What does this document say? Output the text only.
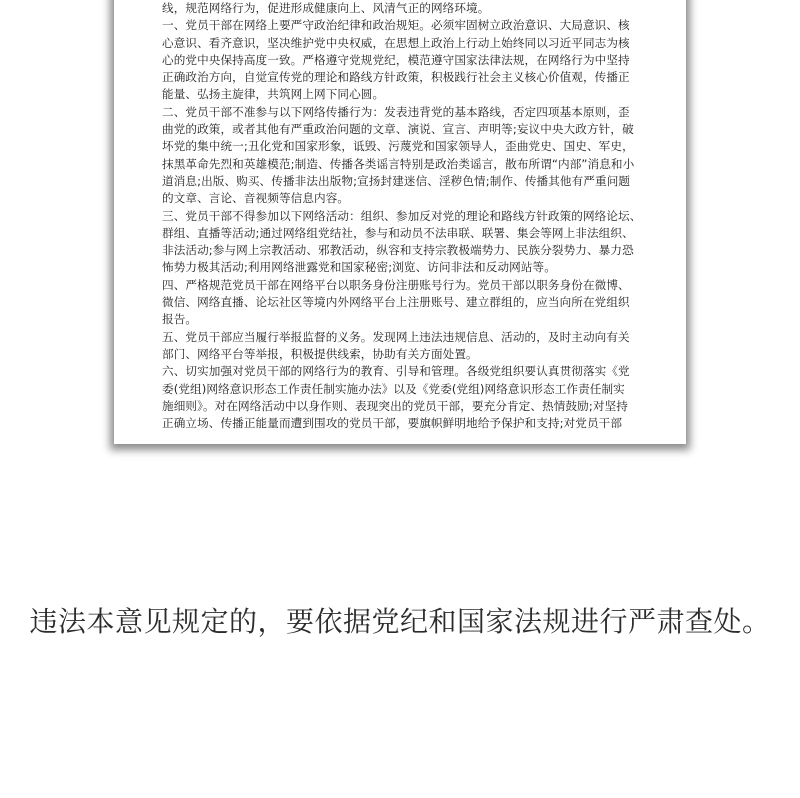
线，规范网络行为，促进形成健康向上、风清气正的网络环境。
一、党员干部在网络上要严守政治纪律和政治规矩。必须牢固树立政治意识、大局意识、核
心意识、看齐意识，坚决维护党中央权威，在思想上政治上行动上始终同以习近平同志为核
心的党中央保持高度一致。严格遵守党规党纪，模范遵守国家法律法规，在网络行为中坚持
正确政治方向，自觉宣传党的理论和路线方针政策，积极践行社会主义核心价值观，传播正
能量、弘扬主旋律，共筑网上网下同心圆。
二、党员干部不准参与以下网络传播行为：发表违背党的基本路线，否定四项基本原则，歪
曲党的政策，或者其他有严重政治问题的文章、演说、宣言、声明等;妄议中央大政方针，破
坏党的集中统一;丑化党和国家形象，诋毁、污蔑党和国家领导人，歪曲党史、国史、军史，
抹黑革命先烈和英雄模范;制造、传播各类谣言特别是政治类谣言，散布所谓“内部”消息和小
道消息;出版、购买、传播非法出版物;宣扬封建迷信、淫秽色情;制作、传播其他有严重问题
的文章、言论、音视频等信息内容。
三、党员干部不得参加以下网络活动：组织、参加反对党的理论和路线方针政策的网络论坛、
群组、直播等活动;通过网络组党结社，参与和动员不法串联、联署、集会等网上非法组织、
非法活动;参与网上宗教活动、邪教活动，纵容和支持宗教极端势力、民族分裂势力、暴力恐
怖势力极其活动;利用网络泄露党和国家秘密;浏览、访问非法和反动网站等。
四、严格规范党员干部在网络平台以职务身份注册账号行为。党员干部以职务身份在微博、
微信、网络直播、论坛社区等境内外网络平台上注册账号、建立群组的，应当向所在党组织
报告。
五、党员干部应当履行举报监督的义务。发现网上违法违规信息、活动的，及时主动向有关
部门、网络平台等举报，积极提供线索，协助有关方面处置。
六、切实加强对党员干部的网络行为的教育、引导和管理。各级党组织要认真贯彻落实《党
委(党组)网络意识形态工作责任制实施办法》以及《党委(党组)网络意识形态工作责任制实
施细则》。对在网络活动中以身作则、表现突出的党员干部，要充分肯定、热情鼓励;对坚持
正确立场、传播正能量而遭到围攻的党员干部，要旗帜鲜明地给予保护和支持;对党员干部
违法本意见规定的，要依据党纪和国家法规进行严肃查处。
